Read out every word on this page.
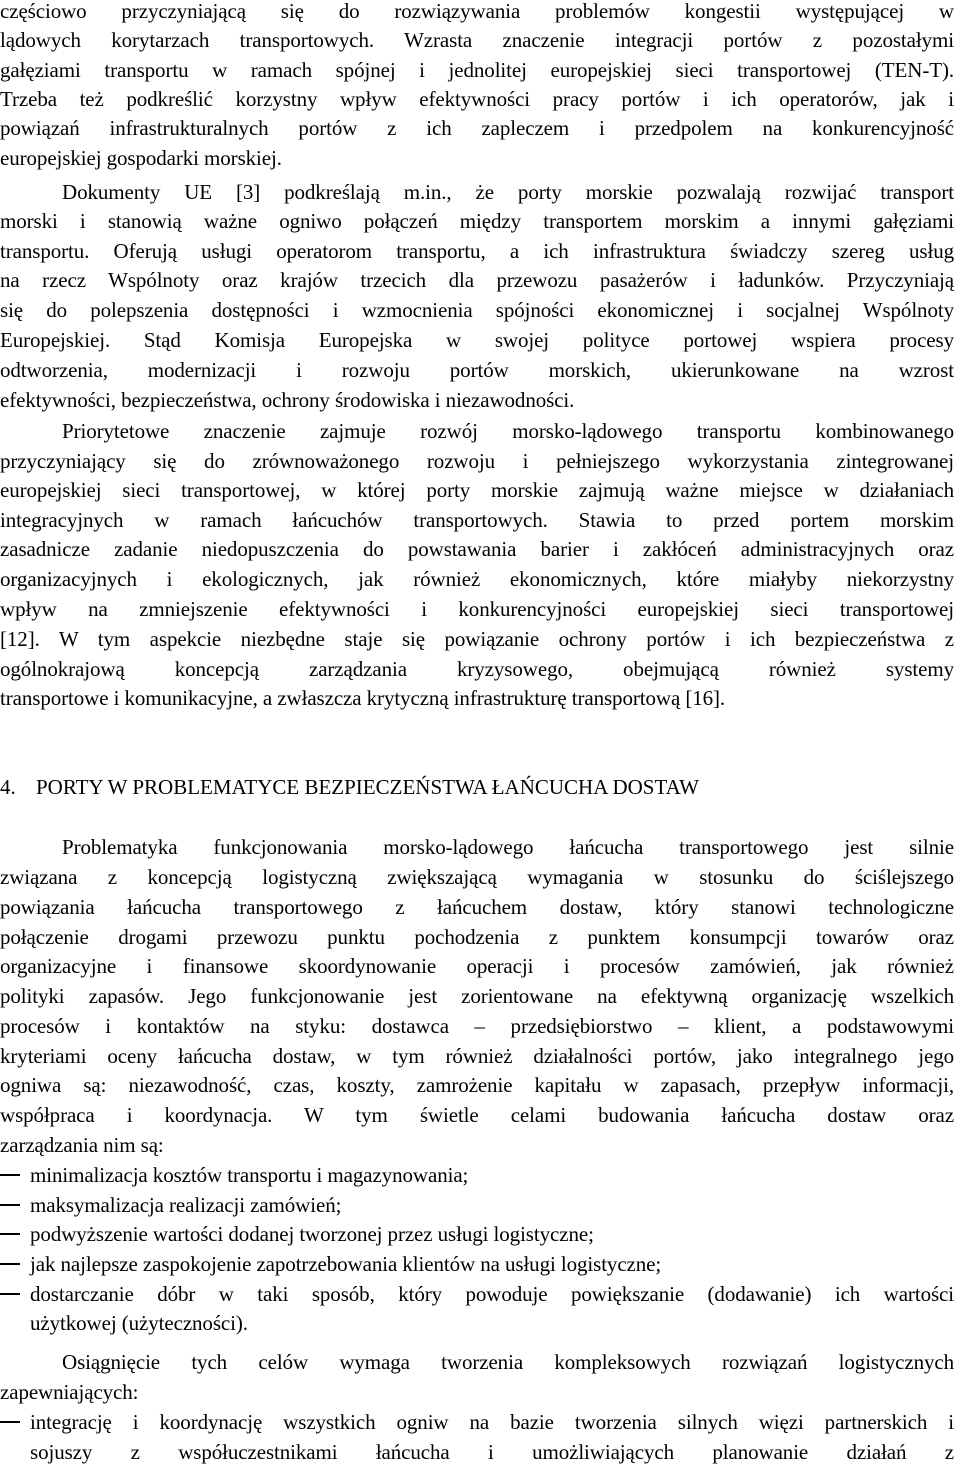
częściowo przyczyniającą się do rozwiązywania problemów kongestii występującej w
lądowych korytarzach transportowych. Wzrasta znaczenie integracji portów z pozostałymi
gałęziami transportu w ramach spójnej i jednolitej europejskiej sieci transportowej (TEN-T).
Trzeba też podkreślić korzystny wpływ efektywności pracy portów i ich operatorów, jak i
powiązań infrastrukturalnych portów z ich zapleczem i przedpolem na konkurencyjność
europejskiej gospodarki morskiej.
Dokumenty UE [3] podkreślają m.in., że porty morskie pozwalają rozwijać transport
morski i stanowią ważne ogniwo połączeń między transportem morskim a innymi gałęziami
transportu. Oferują usługi operatorom transportu, a ich infrastruktura świadczy szereg usług
na rzecz Wspólnoty oraz krajów trzecich dla przewozu pasażerów i ładunków. Przyczyniają
się do polepszenia dostępności i wzmocnienia spójności ekonomicznej i socjalnej Wspólnoty
Europejskiej. Stąd Komisja Europejska w swojej polityce portowej wspiera procesy
odtworzenia, modernizacji i rozwoju portów morskich, ukierunkowane na wzrost
efektywności, bezpieczeństwa, ochrony środowiska i niezawodności.
Priorytetowe znaczenie zajmuje rozwój morsko-lądowego transportu kombinowanego
przyczyniający się do zrównoważonego rozwoju i pełniejszego wykorzystania zintegrowanej
europejskiej sieci transportowej, w której porty morskie zajmują ważne miejsce w działaniach
integracyjnych w ramach łańcuchów transportowych. Stawia to przed portem morskim
zasadnicze zadanie niedopuszczenia do powstawania barier i zakłóceń administracyjnych oraz
organizacyjnych i ekologicznych, jak również ekonomicznych, które miałyby niekorzystny
wpływ na zmniejszenie efektywności i konkurencyjności europejskiej sieci transportowej
[12]. W tym aspekcie niezbędne staje się powiązanie ochrony portów i ich bezpieczeństwa z
ogólnokrajową koncepcją zarządzania kryzysowego, obejmującą również systemy
transportowe i komunikacyjne, a zwłaszcza krytyczną infrastrukturę transportową [16].
4. PORTY W PROBLEMATYCE BEZPIECZEŃSTWA ŁAŃCUCHA DOSTAW
Problematyka funkcjonowania morsko-lądowego łańcucha transportowego jest silnie
związana z koncepcją logistyczną zwiększającą wymagania w stosunku do ściślejszego
powiązania łańcucha transportowego z łańcuchem dostaw, który stanowi technologiczne
połączenie drogami przewozu punktu pochodzenia z punktem konsumpcji towarów oraz
organizacyjne i finansowe skoordynowanie operacji i procesów zamówień, jak również
polityki zapasów. Jego funkcjonowanie jest zorientowane na efektywną organizację wszelkich
procesów i kontaktów na styku: dostawca – przedsiębiorstwo – klient, a podstawowymi
kryteriami oceny łańcucha dostaw, w tym również działalności portów, jako integralnego jego
ogniwa są: niezawodność, czas, koszty, zamrożenie kapitału w zapasach, przepływ informacji,
współpraca i koordynacja. W tym świetle celami budowania łańcucha dostaw oraz
zarządzania nim są:
minimalizacja kosztów transportu i magazynowania;
maksymalizacja realizacji zamówień;
podwyższenie wartości dodanej tworzonej przez usługi logistyczne;
jak najlepsze zaspokojenie zapotrzebowania klientów na usługi logistyczne;
dostarczanie dóbr w taki sposób, który powoduje powiększanie (dodawanie) ich wartości
użytkowej (użyteczności).
Osiągnięcie tych celów wymaga tworzenia kompleksowych rozwiązań logistycznych
zapewniających:
integrację i koordynację wszystkich ogniw na bazie tworzenia silnych więzi partnerskich i
sojuszy z współuczestnikami łańcucha i umożliwiających planowanie działań z
